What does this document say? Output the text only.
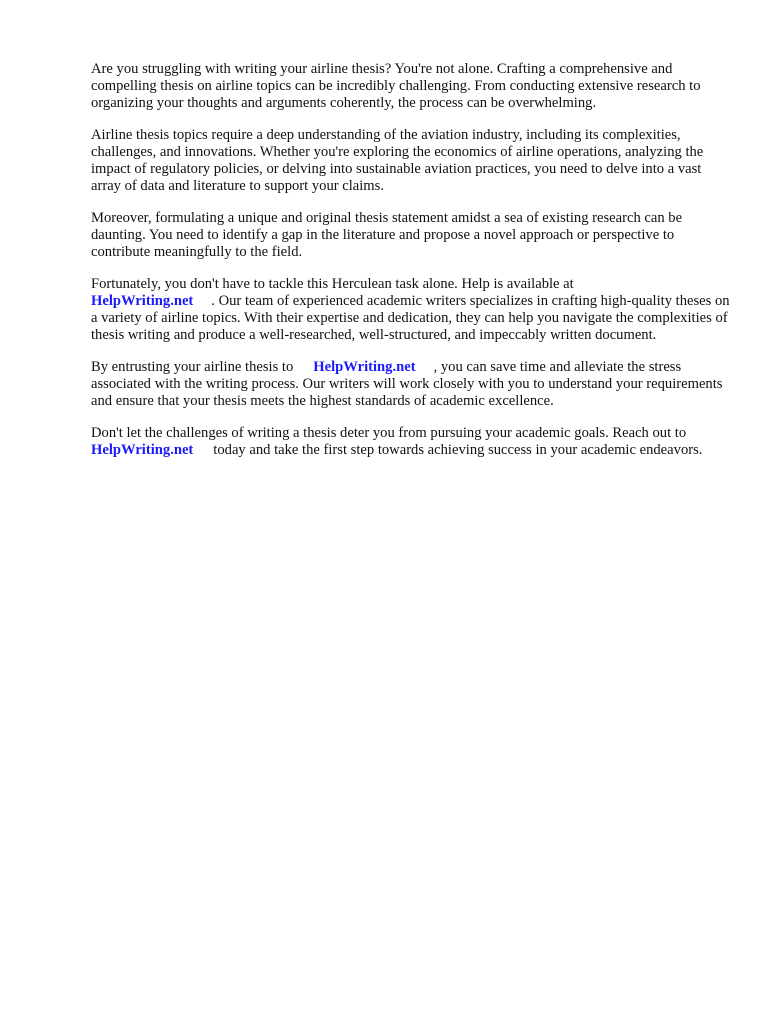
Are you struggling with writing your airline thesis? You're not alone. Crafting a comprehensive and compelling thesis on airline topics can be incredibly challenging. From conducting extensive research to organizing your thoughts and arguments coherently, the process can be overwhelming.

Airline thesis topics require a deep understanding of the aviation industry, including its complexities, challenges, and innovations. Whether you're exploring the economics of airline operations, analyzing the impact of regulatory policies, or delving into sustainable aviation practices, you need to delve into a vast array of data and literature to support your claims.

Moreover, formulating a unique and original thesis statement amidst a sea of existing research can be daunting. You need to identify a gap in the literature and propose a novel approach or perspective to contribute meaningfully to the field.

Fortunately, you don't have to tackle this Herculean task alone. Help is available at
HelpWriting.net . Our team of experienced academic writers specializes in crafting high-quality theses on a variety of airline topics. With their expertise and dedication, they can help you navigate the complexities of thesis writing and produce a well-researched, well-structured, and impeccably written document.

By entrusting your airline thesis to HelpWriting.net , you can save time and alleviate the stress associated with the writing process. Our writers will work closely with you to understand your requirements and ensure that your thesis meets the highest standards of academic excellence.

Don't let the challenges of writing a thesis deter you from pursuing your academic goals. Reach out toHelpWriting.net today and take the first step towards achieving success in your academic endeavors.
